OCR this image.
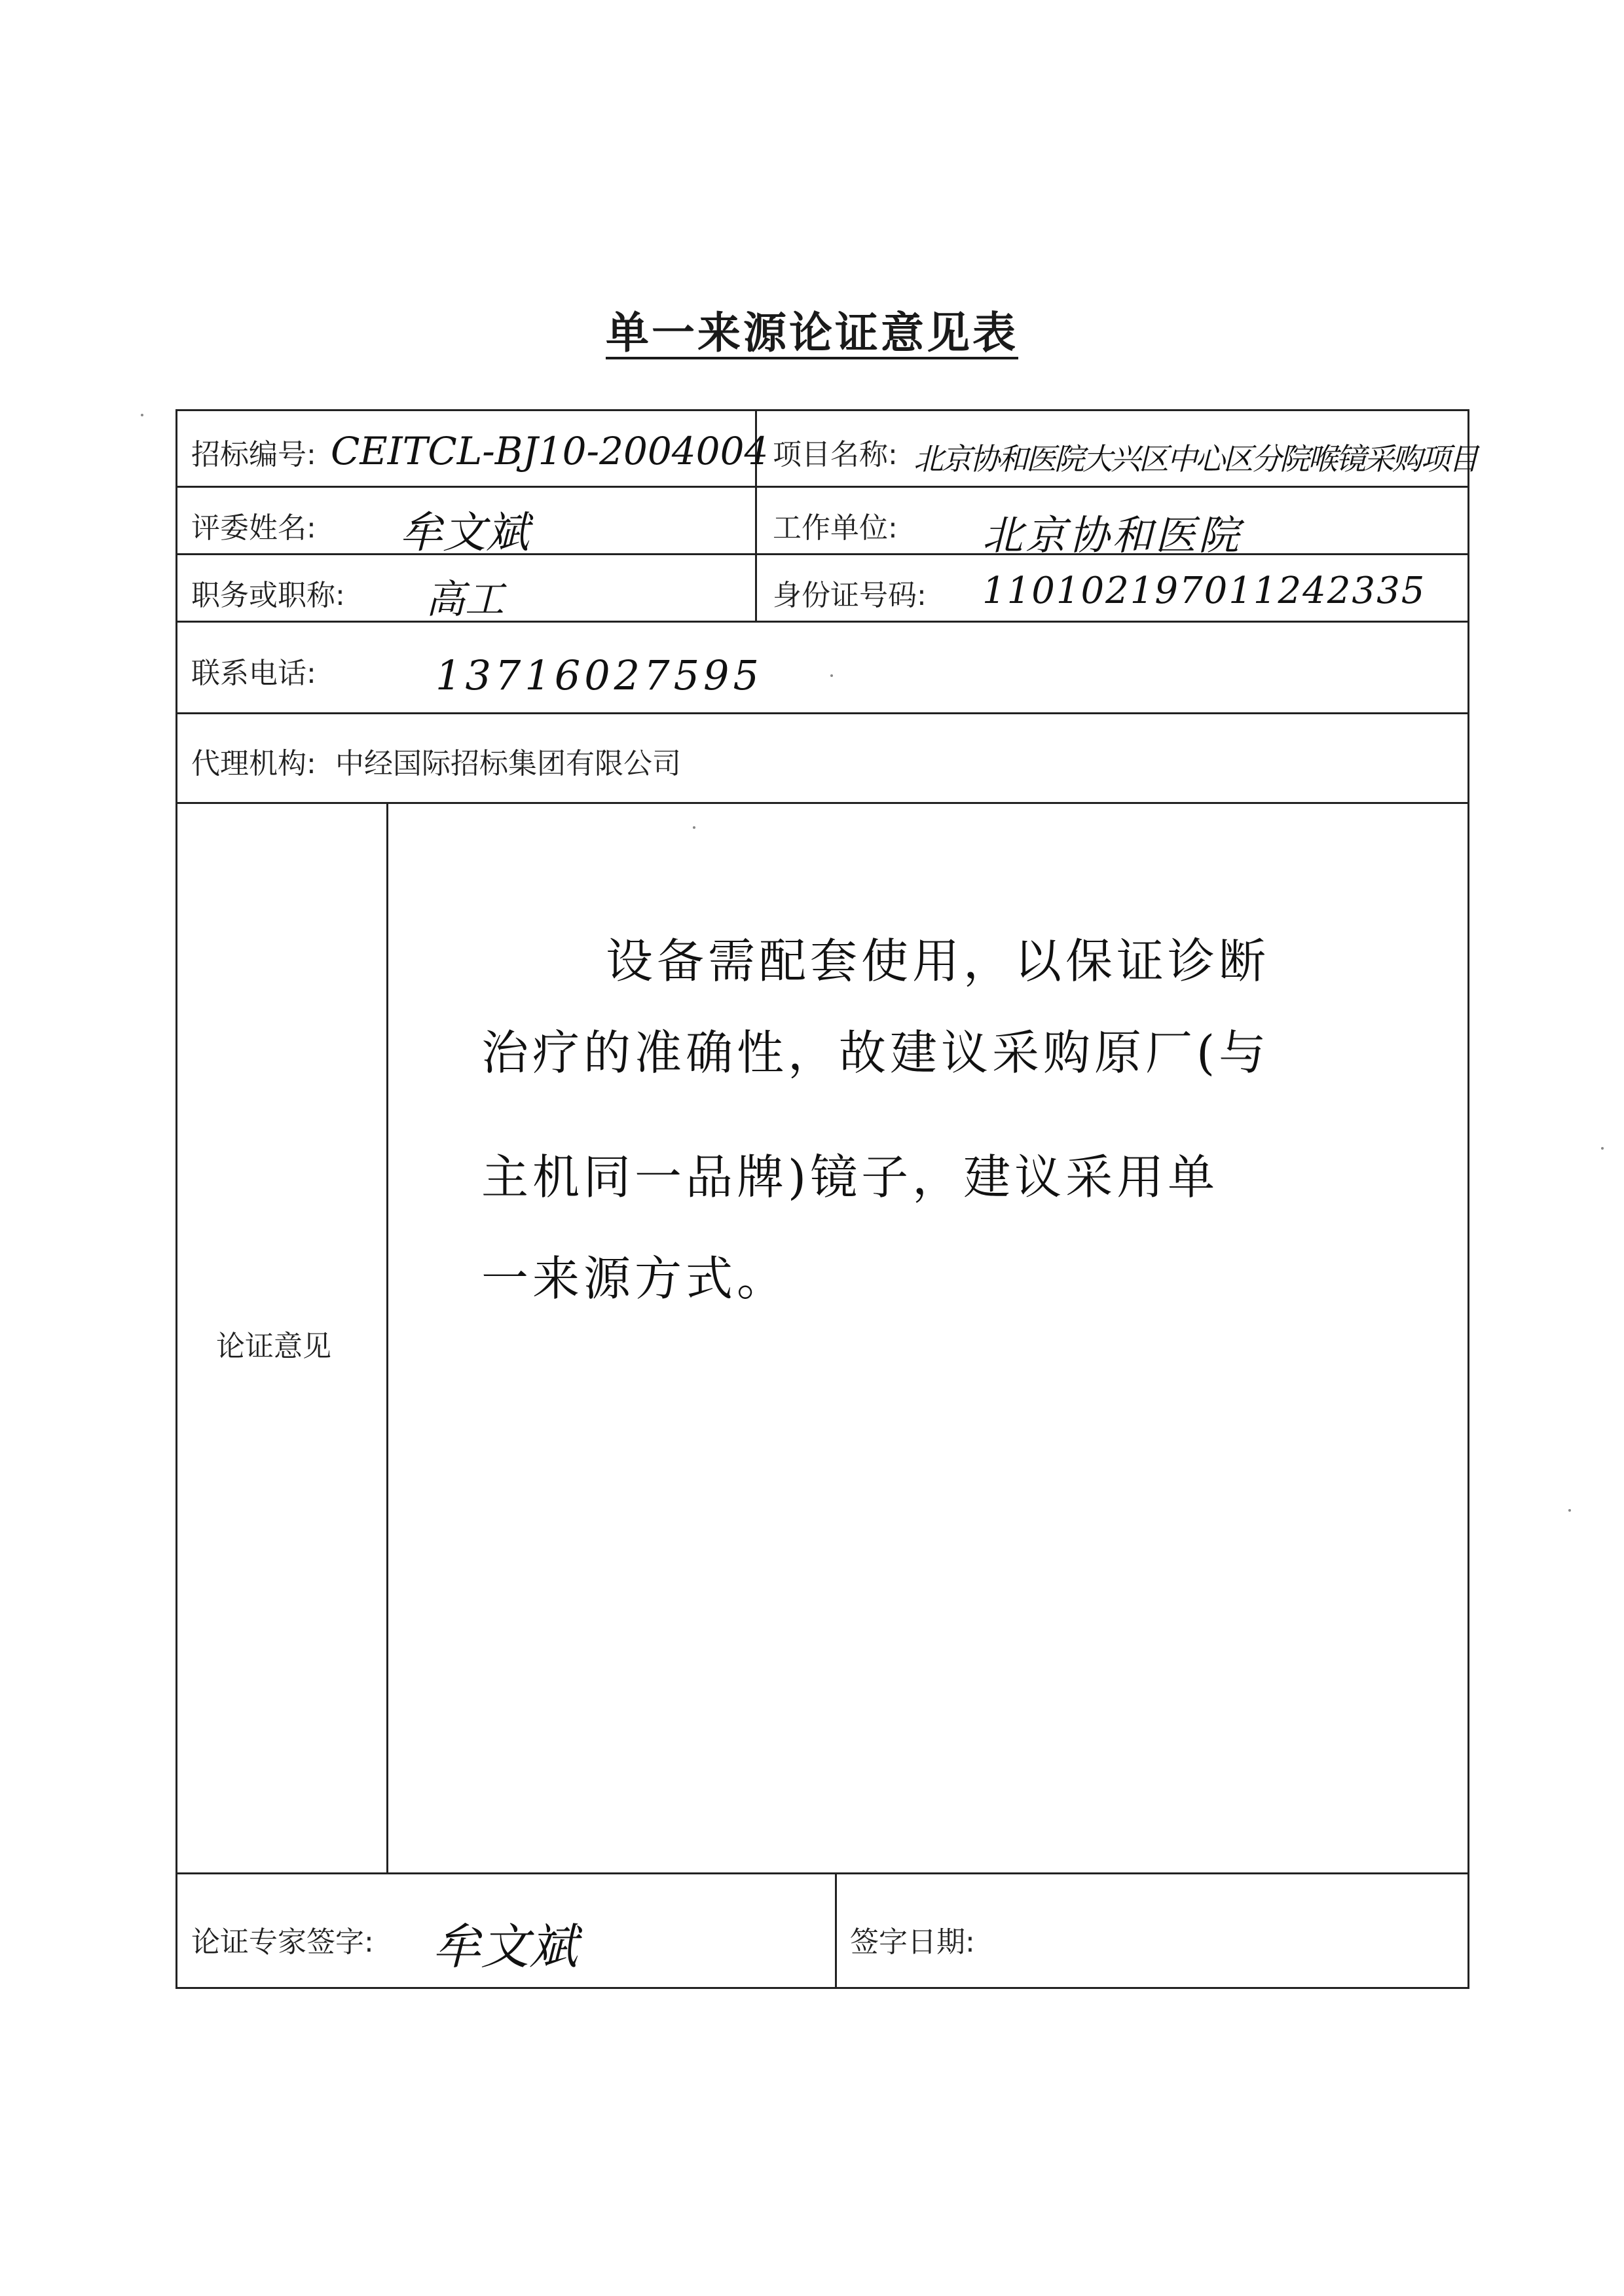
单一来源论证意见表
招标编号: CEITCL-BJ10-2004004 项目名称: 北京协和医院大兴区中心区分院喉镜采购项目
评委姓名: 牟文斌	工作单位: 北京协和医院
职务或职称: 高工	身份证号码: 110102197011242335
联系电话:	13716027595
代理机构: 中经国际招标集团有限公司
论证意见
设备需配套使用，以保证诊断
治疗的准确性，故建议采购原厂(与
主机同一品牌)镜子，建议采用单
一来源方式。
论证专家签字: 牟文斌	签字日期:
